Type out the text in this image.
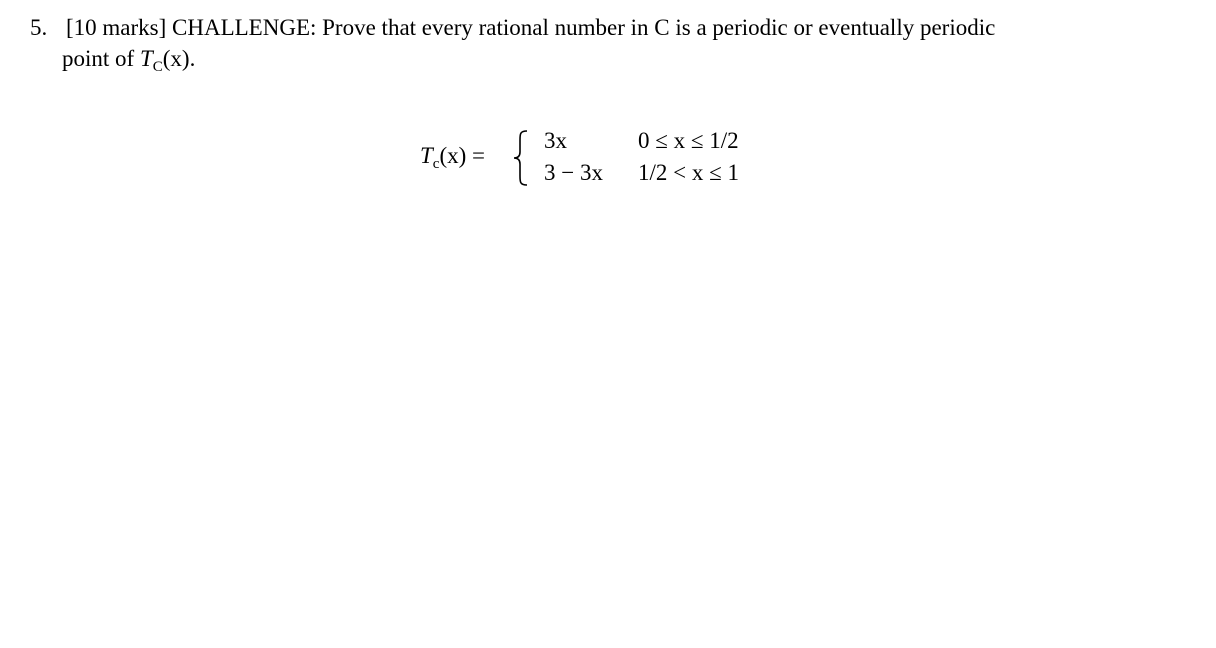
5. [10 marks] CHALLENGE: Prove that every rational number in C is a periodic or eventually periodic
point of $T_C(x)$.
$T_c(x)$ =
3x	0 ≤ x ≤ 1/2
3 − 3x 1/2 < x ≤ 1
